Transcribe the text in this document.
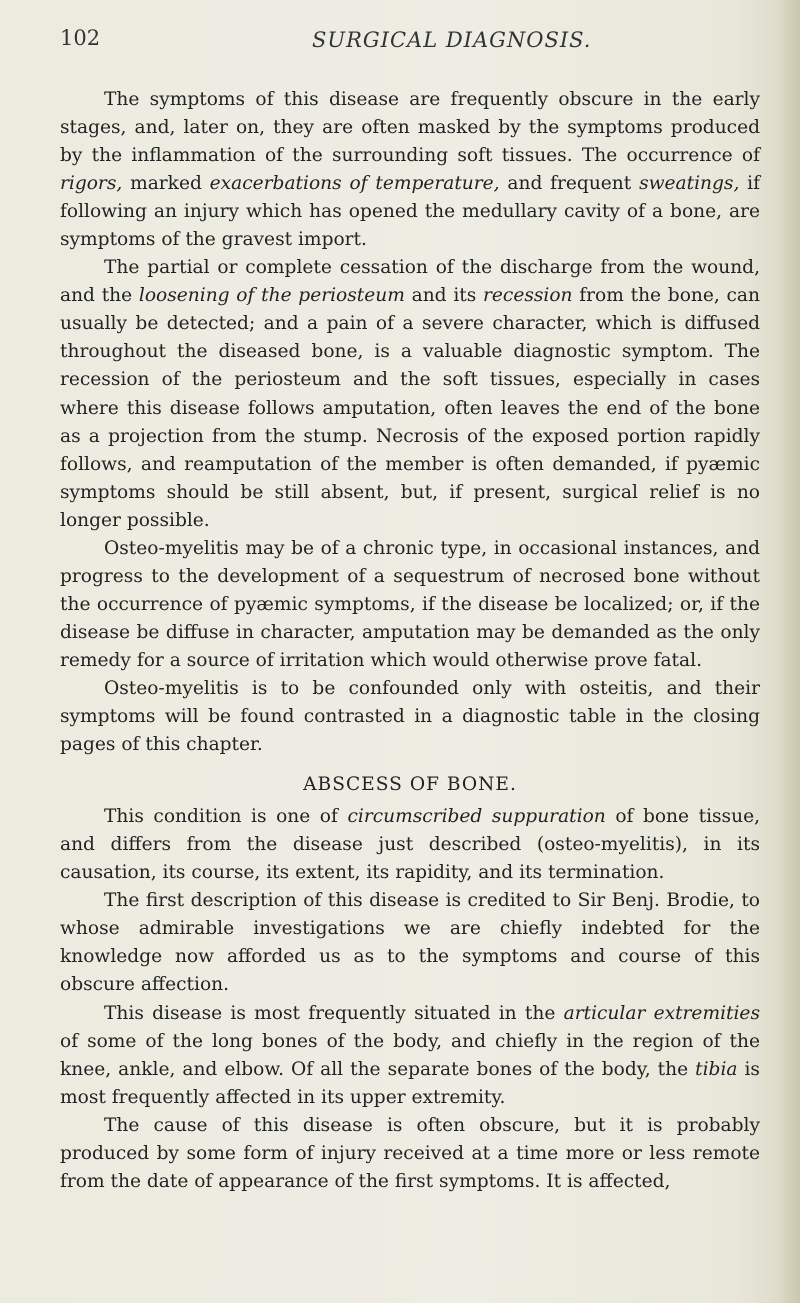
102	SURGICAL DIAGNOSIS.

The symptoms of this disease are frequently obscure in the early stages, and, later on, they are often masked by the symptoms produced by the inflammation of the surrounding soft tissues. The occurrence of rigors, marked exacerbations of temperature, and frequent sweatings, if following an injury which has opened the medullary cavity of a bone, are symptoms of the gravest import.

The partial or complete cessation of the discharge from the wound, and the loosening of the periosteum and its recession from the bone, can usually be detected; and a pain of a severe character, which is diffused throughout the diseased bone, is a valuable diagnostic symptom. The recession of the periosteum and the soft tissues, especially in cases where this disease follows amputation, often leaves the end of the bone as a projection from the stump. Necrosis of the exposed portion rapidly follows, and reamputation of the member is often demanded, if pyæmic symptoms should be still absent, but, if present, surgical relief is no longer possible.

Osteo-myelitis may be of a chronic type, in occasional instances, and progress to the development of a sequestrum of necrosed bone without the occurrence of pyæmic symptoms, if the disease be localized; or, if the disease be diffuse in character, amputation may be demanded as the only remedy for a source of irritation which would otherwise prove fatal.

Osteo-myelitis is to be confounded only with osteitis, and their symptoms will be found contrasted in a diagnostic table in the closing pages of this chapter.

ABSCESS OF BONE.

This condition is one of circumscribed suppuration of bone tissue, and differs from the disease just described (osteo-myelitis), in its causation, its course, its extent, its rapidity, and its termination.

The first description of this disease is credited to Sir Benj. Brodie, to whose admirable investigations we are chiefly indebted for the knowledge now afforded us as to the symptoms and course of this obscure affection.

This disease is most frequently situated in the articular extremities of some of the long bones of the body, and chiefly in the region of the knee, ankle, and elbow. Of all the separate bones of the body, the tibia is most frequently affected in its upper extremity.

The cause of this disease is often obscure, but it is probably produced by some form of injury received at a time more or less remote from the date of appearance of the first symptoms. It is affected,
